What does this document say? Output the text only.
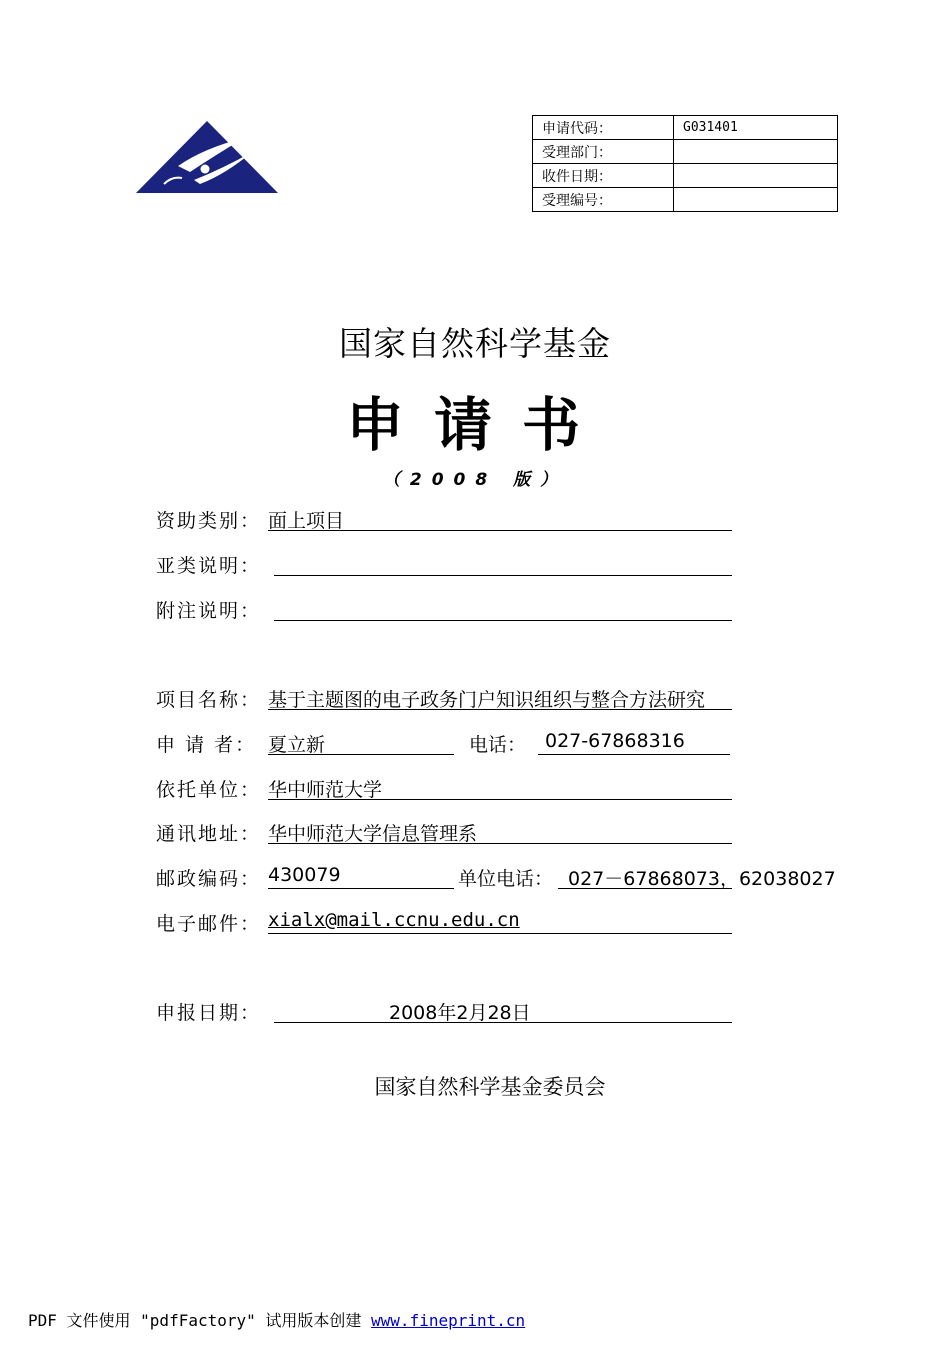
申请代码：	G031401
受理部门：	
收件日期：	
受理编号：	
国家自然科学基金
申请书
（2008 版）
资助类别： 面上项目
亚类说明：
附注说明：
项目名称： 基于主题图的电子政务门户知识组织与整合方法研究
申 请 者： 夏立新	电话： 027-67868316
依托单位： 华中师范大学
通讯地址： 华中师范大学信息管理系
邮政编码： 430079	单位电话： 027－67868073，62038027
电子邮件： xialx@mail.ccnu.edu.cn
申报日期：	2008年2月28日
国家自然科学基金委员会
PDF 文件使用 "pdfFactory" 试用版本创建 www.fineprint.cn
